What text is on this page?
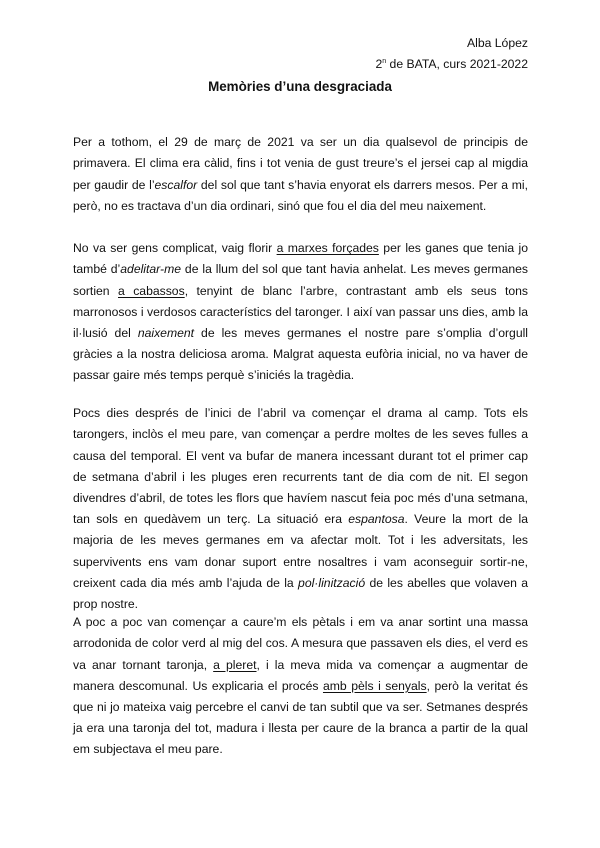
Alba López
2$^n$ de BATA, curs 2021-2022
Memòries d’una desgraciada

Per a tothom, el 29 de març de 2021 va ser un dia qualsevol de principis de primavera. El clima era càlid, fins i tot venia de gust treure’s el jersei cap al migdia per gaudir de l’escalfor del sol que tant s’havia enyorat els darrers mesos. Per a mi, però, no es tractava d’un dia ordinari, sinó que fou el dia del meu naixement.

No va ser gens complicat, vaig florir a marxes forçades per les ganes que tenia jo també d’adelitar-me de la llum del sol que tant havia anhelat. Les meves germanes sortien a cabassos, tenyint de blanc l’arbre, contrastant amb els seus tons marronosos i verdosos característics del taronger. I així van passar uns dies, amb la il·lusió del naixement de les meves germanes el nostre pare s’omplia d’orgull gràcies a la nostra deliciosa aroma. Malgrat aquesta eufòria inicial, no va haver de passar gaire més temps perquè s’iniciés la tragèdia.

Pocs dies després de l’inici de l’abril va començar el drama al camp. Tots els tarongers, inclòs el meu pare, van començar a perdre moltes de les seves fulles a causa del temporal. El vent va bufar de manera incessant durant tot el primer cap de setmana d’abril i les pluges eren recurrents tant de dia com de nit. El segon divendres d’abril, de totes les flors que havíem nascut feia poc més d’una setmana, tan sols en quedàvem un terç. La situació era espantosa. Veure la mort de la majoria de les meves germanes em va afectar molt. Tot i les adversitats, les supervivents ens vam donar suport entre nosaltres i vam aconseguir sortir-ne, creixent cada dia més amb l’ajuda de la pol·linització de les abelles que volaven a prop nostre.

A poc a poc van començar a caure’m els pètals i em va anar sortint una massa arrodonida de color verd al mig del cos. A mesura que passaven els dies, el verd es va anar tornant taronja, a pleret, i la meva mida va començar a augmentar de manera descomunal. Us explicaria el procés amb pèls i senyals, però la veritat és que ni jo mateixa vaig percebre el canvi de tan subtil que va ser. Setmanes després ja era una taronja del tot, madura i llesta per caure de la branca a partir de la qual em subjectava el meu pare.
